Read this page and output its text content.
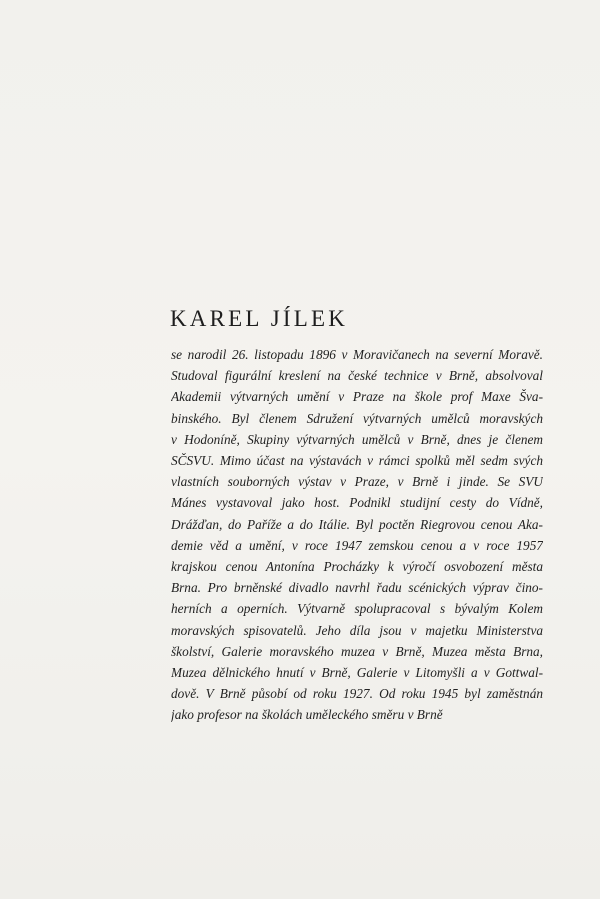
KAREL JÍLEK
se narodil 26. listopadu 1896 v Moravičanech na severní Moravě.
Studoval figurální kreslení na české technice v Brně, absolvoval
Akademii výtvarných umění v Praze na škole prof Maxe Šva-
binského. Byl členem Sdružení výtvarných umělců moravských
v Hodoníně, Skupiny výtvarných umělců v Brně, dnes je členem
SČSVU. Mimo účast na výstavách v rámci spolků měl sedm svých
vlastních souborných výstav v Praze, v Brně i jinde. Se SVU
Mánes vystavoval jako host. Podnikl studijní cesty do Vídně,
Drážďan, do Paříže a do Itálie. Byl poctěn Riegrovou cenou Aka-
demie věd a umění, v roce 1947 zemskou cenou a v roce 1957
krajskou cenou Antonína Procházky k výročí osvobození města
Brna. Pro brněnské divadlo navrhl řadu scénických výprav čino-
herních a operních. Výtvarně spolupracoval s bývalým Kolem
moravských spisovatelů. Jeho díla jsou v majetku Ministerstva
školství, Galerie moravského muzea v Brně, Muzea města Brna,
Muzea dělnického hnutí v Brně, Galerie v Litomyšli a v Gottwal-
dově. V Brně působí od roku 1927. Od roku 1945 byl zaměstnán
jako profesor na školách uměleckého směru v Brně
